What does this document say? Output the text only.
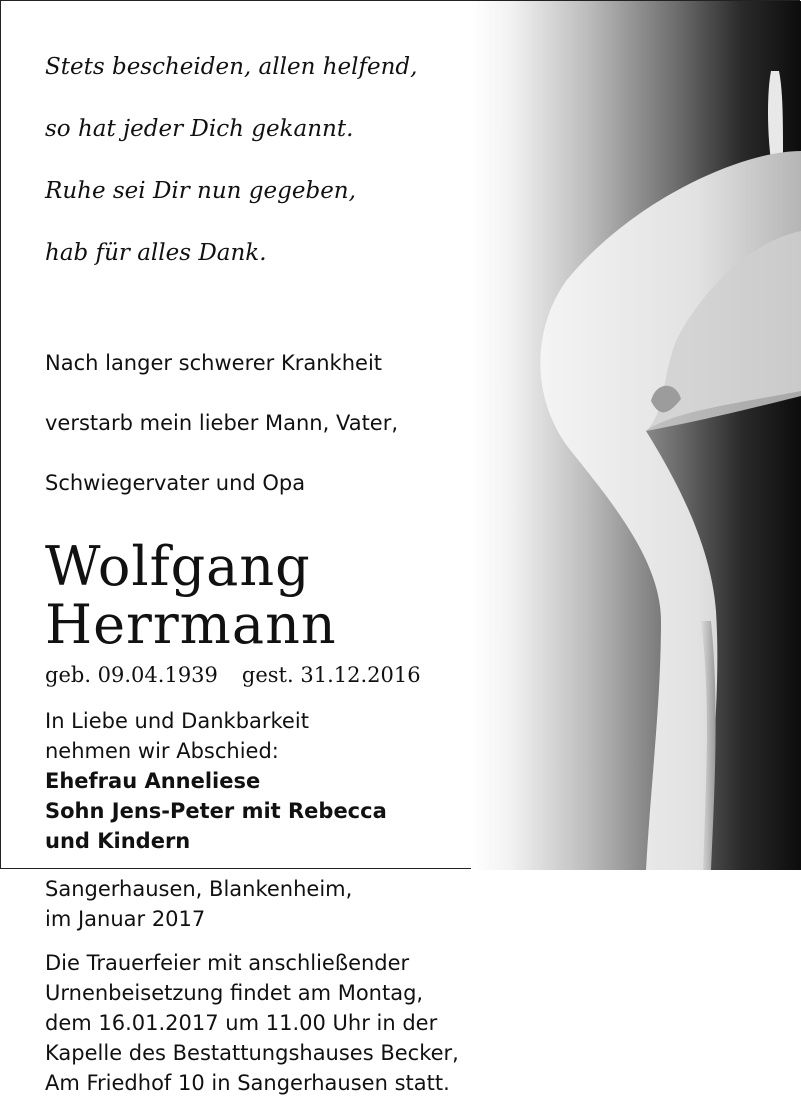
Stets bescheiden, allen helfend,

so hat jeder Dich gekannt.

Ruhe sei Dir nun gegeben,

hab für alles Dank.

Nach langer schwerer Krankheit

verstarb mein lieber Mann, Vater,

Schwiegervater und Opa

Wolfgang
Herrmann
geb. 09.04.1939 gest. 31.12.2016
In Liebe und Dankbarkeit
nehmen wir Abschied:
Ehefrau Anneliese
Sohn Jens-Peter mit Rebecca
und Kindern
Sangerhausen, Blankenheim,
im Januar 2017
Die Trauerfeier mit anschließender
Urnenbeisetzung findet am Montag,
dem 16.01.2017 um 11.00 Uhr in der
Kapelle des Bestattungshauses Becker,
Am Friedhof 10 in Sangerhausen statt.
